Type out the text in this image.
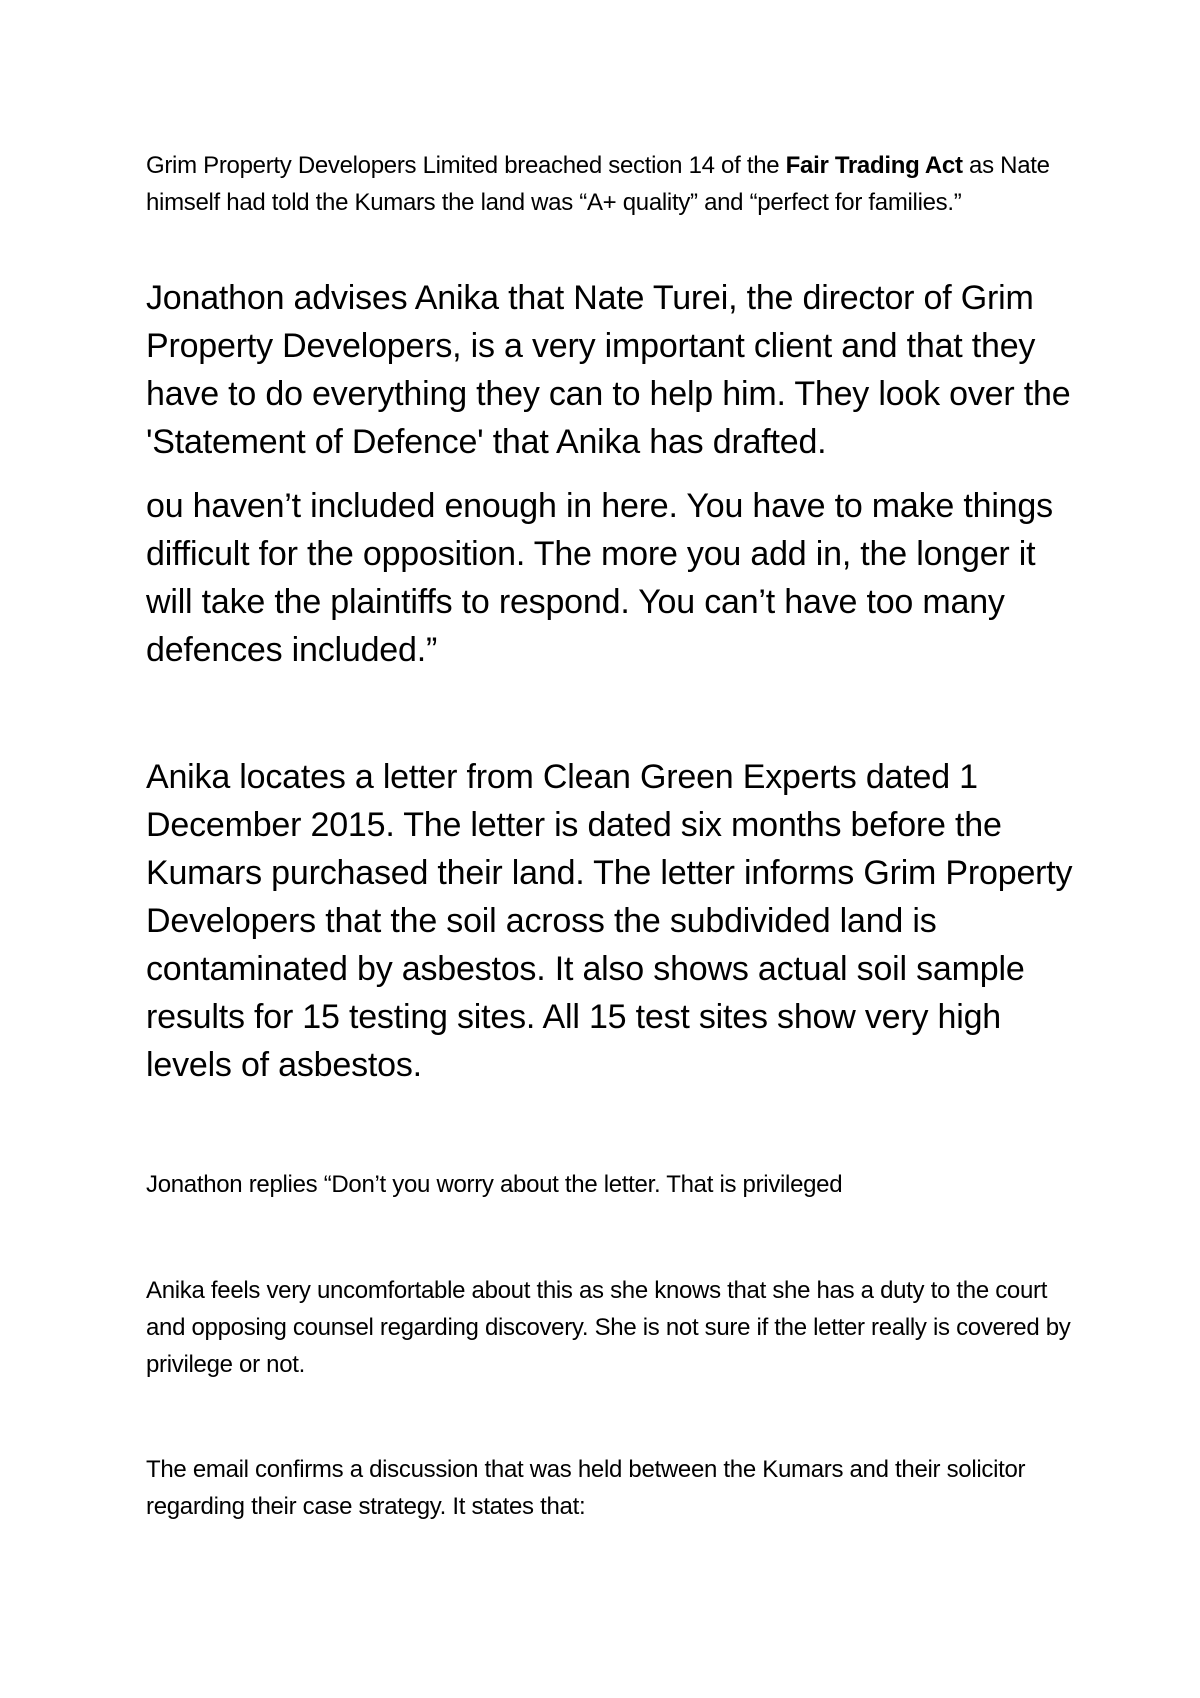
Grim Property Developers Limited breached section 14 of the Fair Trading Act as Nate himself had told the Kumars the land was “A+ quality” and “perfect for families.”

Jonathon advises Anika that Nate Turei, the director of Grim Property Developers, is a very important client and that they have to do everything they can to help him. They look over the 'Statement of Defence' that Anika has drafted.

ou haven’t included enough in here. You have to make things difficult for the opposition. The more you add in, the longer it will take the plaintiffs to respond. You can’t have too many defences included.”

Anika locates a letter from Clean Green Experts dated 1 December 2015. The letter is dated six months before the Kumars purchased their land. The letter informs Grim Property Developers that the soil across the subdivided land is contaminated by asbestos. It also shows actual soil sample results for 15 testing sites. All 15 test sites show very high levels of asbestos.

Jonathon replies “Don’t you worry about the letter. That is privileged

Anika feels very uncomfortable about this as she knows that she has a duty to the court and opposing counsel regarding discovery. She is not sure if the letter really is covered by privilege or not.

The email confirms a discussion that was held between the Kumars and their solicitor regarding their case strategy. It states that:
